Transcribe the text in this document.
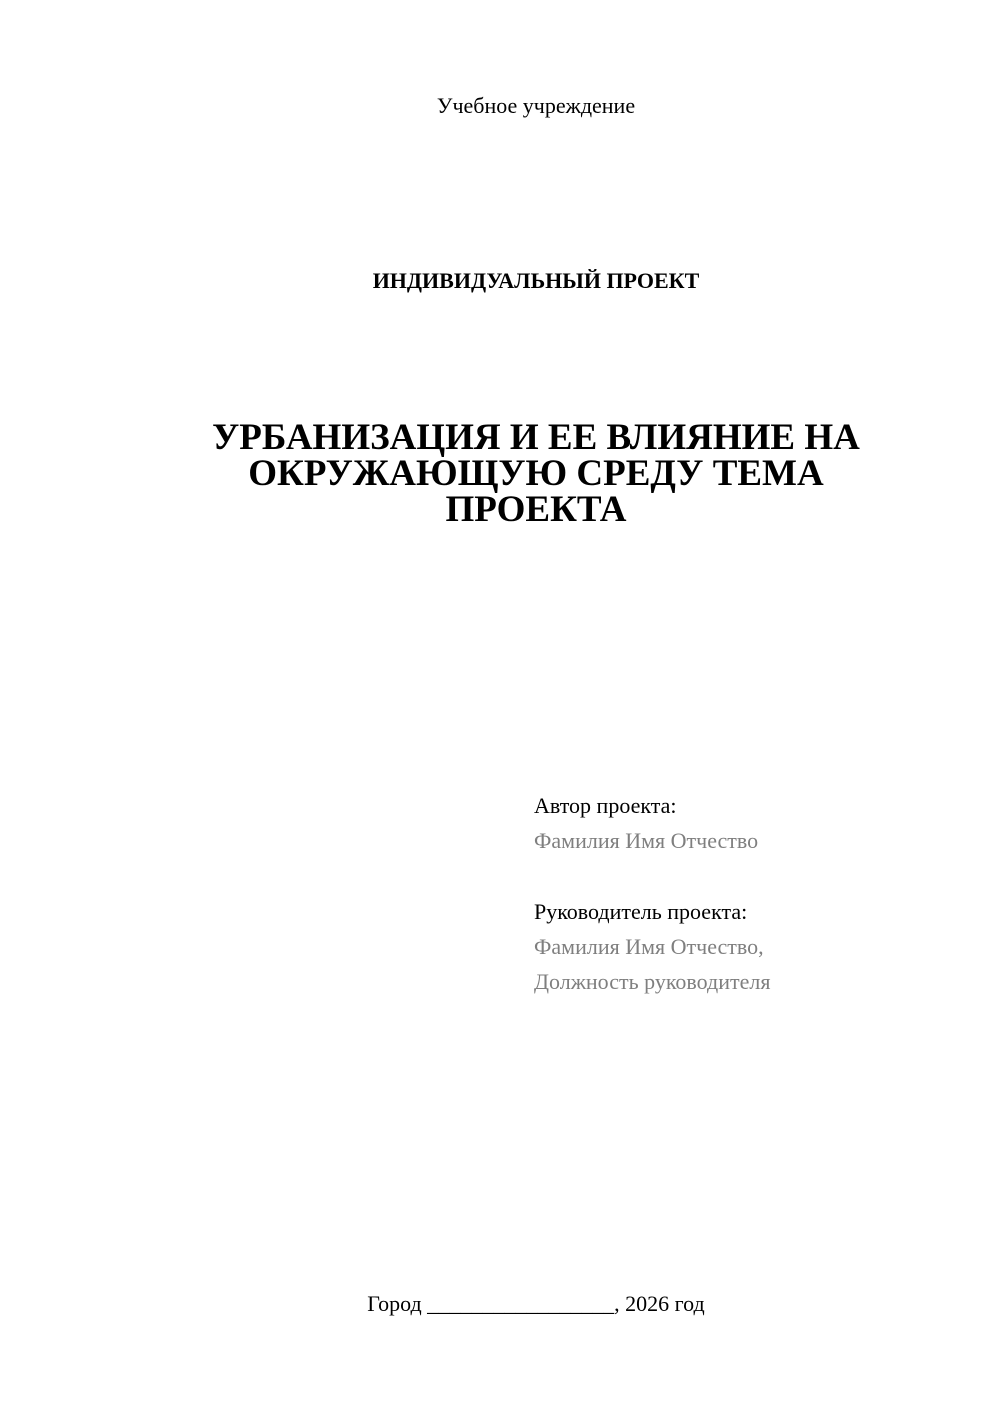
Учебное учреждение
ИНДИВИДУАЛЬНЫЙ ПРОЕКТ
УРБАНИЗАЦИЯ И ЕЕ ВЛИЯНИЕ НА
ОКРУЖАЮЩУЮ СРЕДУ ТЕМА
ПРОЕКТА
Автор проекта:
Фамилия Имя Отчество
Руководитель проекта:
Фамилия Имя Отчество,
Должность руководителя
Город _________________, 2026 год
